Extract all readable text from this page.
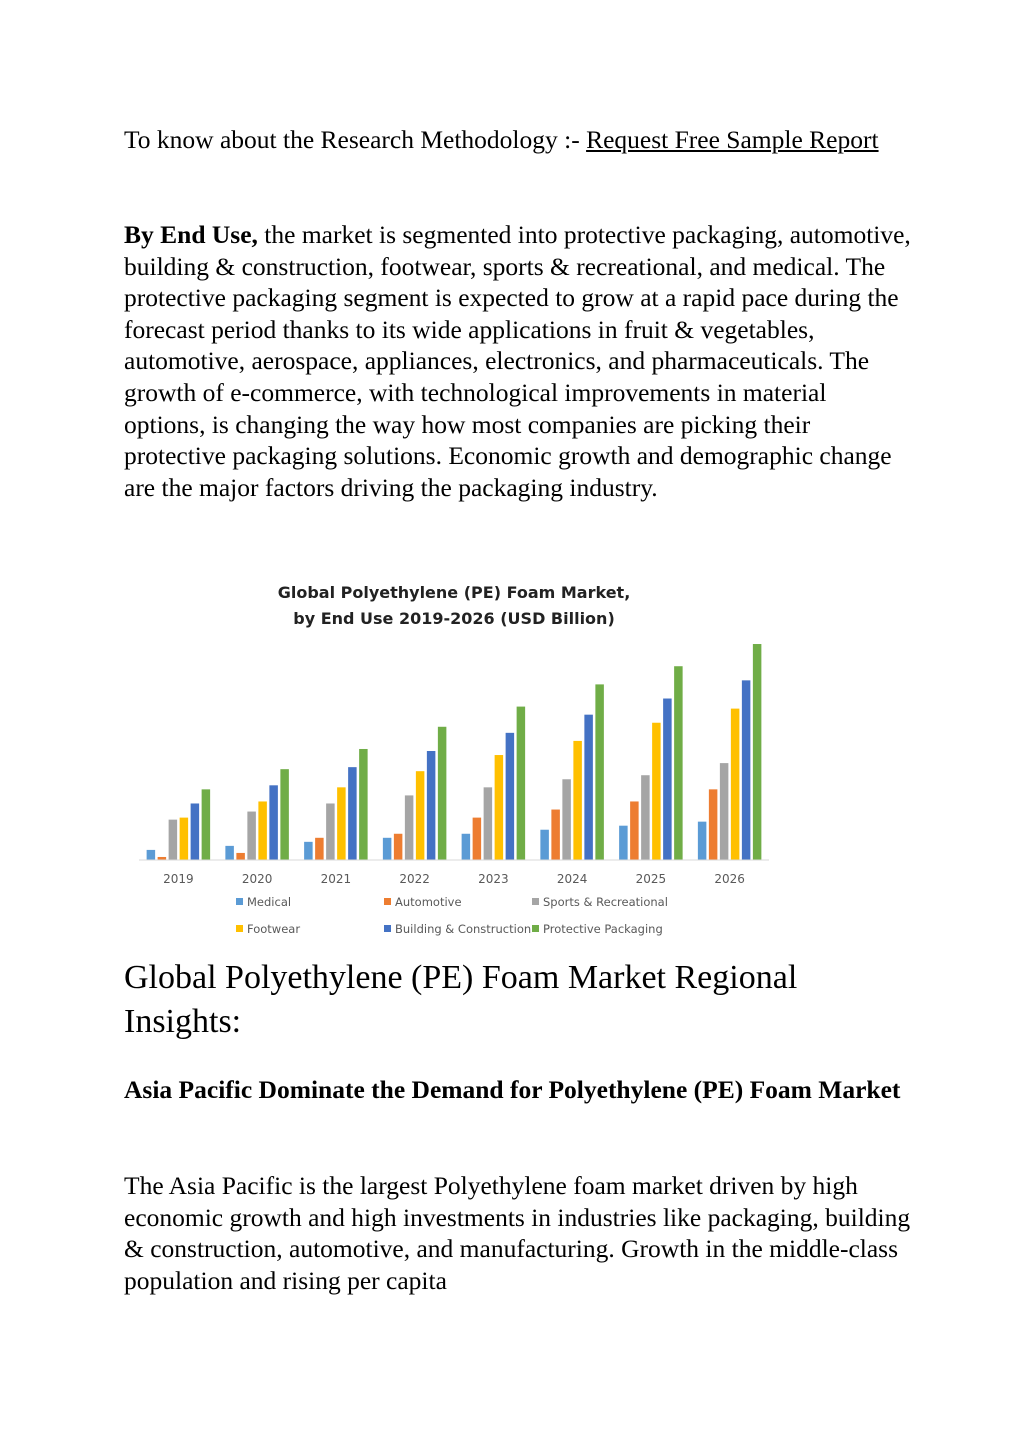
To know about the Research Methodology :- Request Free Sample Report

By End Use, the market is segmented into protective packaging, automotive, building & construction, footwear, sports & recreational, and medical. The protective packaging segment is expected to grow at a rapid pace during the forecast period thanks to its wide applications in fruit & vegetables, automotive, aerospace, appliances, electronics, and pharmaceuticals. The growth of e-commerce, with technological improvements in material options, is changing the way how most companies are picking their protective packaging solutions. Economic growth and demographic change are the major factors driving the packaging industry.

Global Polyethylene (PE) Foam Market,
by End Use 2019-2026 (USD Billion)
2019	2020	2021	2022	2023	2024	2025	2026
Medical	Automotive	Sports & Recreational
Footwear	Building & Construction Protective Packaging
Global Polyethylene (PE) Foam Market Regional Insights:
Asia Pacific Dominate the Demand for Polyethylene (PE) Foam Market

The Asia Pacific is the largest Polyethylene foam market driven by high economic growth and high investments in industries like packaging, building & construction, automotive, and manufacturing. Growth in the middle-class population and rising per capita
